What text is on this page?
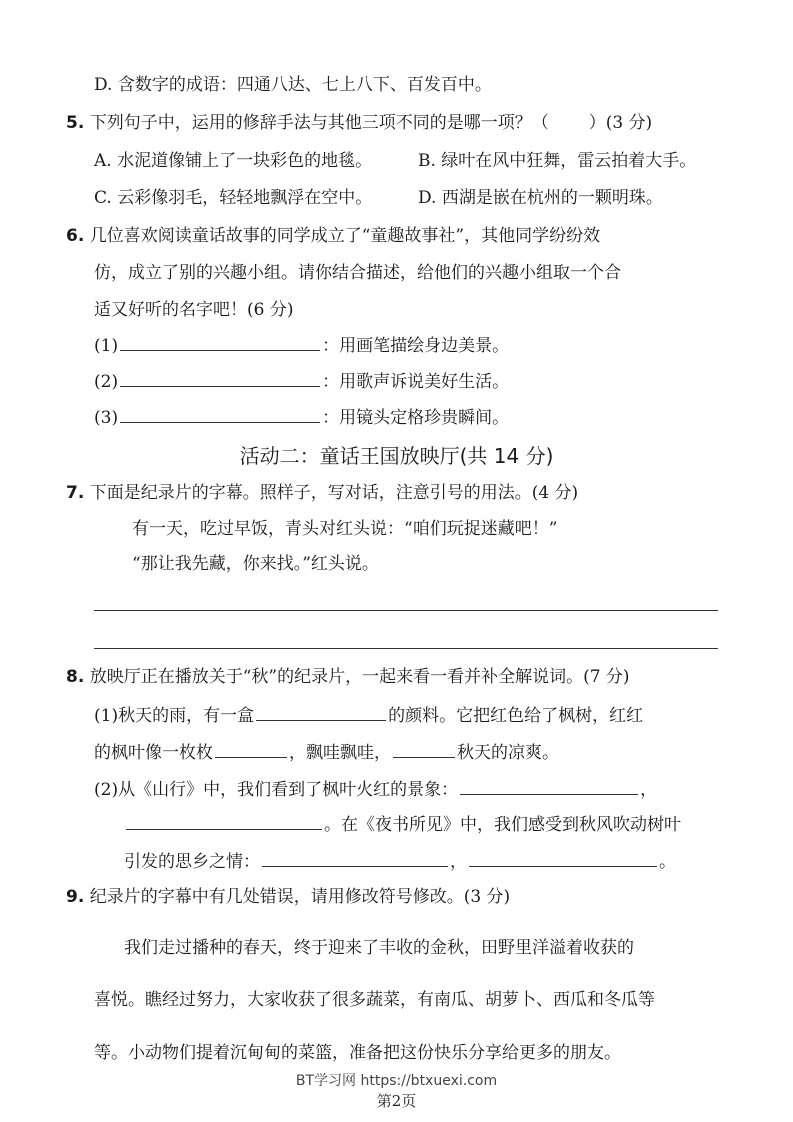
D. 含数字的成语：四通八达、七上八下、百发百中。
5. 下列句子中，运用的修辞手法与其他三项不同的是哪一项？（ ）(3 分)
A. 水泥道像铺上了一块彩色的地毯。	B. 绿叶在风中狂舞，雷云拍着大手。
C. 云彩像羽毛，轻轻地飘浮在空中。	D. 西湖是嵌在杭州的一颗明珠。
6. 几位喜欢阅读童话故事的同学成立了“童趣故事社”，其他同学纷纷效
仿，成立了别的兴趣小组。请你结合描述，给他们的兴趣小组取一个合
适又好听的名字吧！(6 分)
(1)	：用画笔描绘身边美景。
(2)	：用歌声诉说美好生活。
(3)	：用镜头定格珍贵瞬间。
活动二：童话王国放映厅(共 14 分)
7. 下面是纪录片的字幕。照样子，写对话，注意引号的用法。(4 分)
有一天，吃过早饭，青头对红头说：“咱们玩捉迷藏吧！”
“那让我先藏，你来找。”红头说。
8. 放映厅正在播放关于“秋”的纪录片，一起来看一看并补全解说词。(7 分)
(1)秋天的雨，有一盒	的颜料。它把红色给了枫树，红红
的枫叶像一枚枚	，飘哇飘哇，	秋天的凉爽。
(2)从《山行》中，我们看到了枫叶火红的景象：	，
。在《夜书所见》中，我们感受到秋风吹动树叶
引发的思乡之情：	，	。
9. 纪录片的字幕中有几处错误，请用修改符号修改。(3 分)
我们走过播种的春天，终于迎来了丰收的金秋，田野里洋溢着收获的
喜悦。瞧经过努力，大家收获了很多蔬菜，有南瓜、胡萝卜、西瓜和冬瓜等
等。小动物们提着沉甸甸的菜篮，准备把这份快乐分享给更多的朋友。
BT学习网 https://btxuexi.com
第2页
